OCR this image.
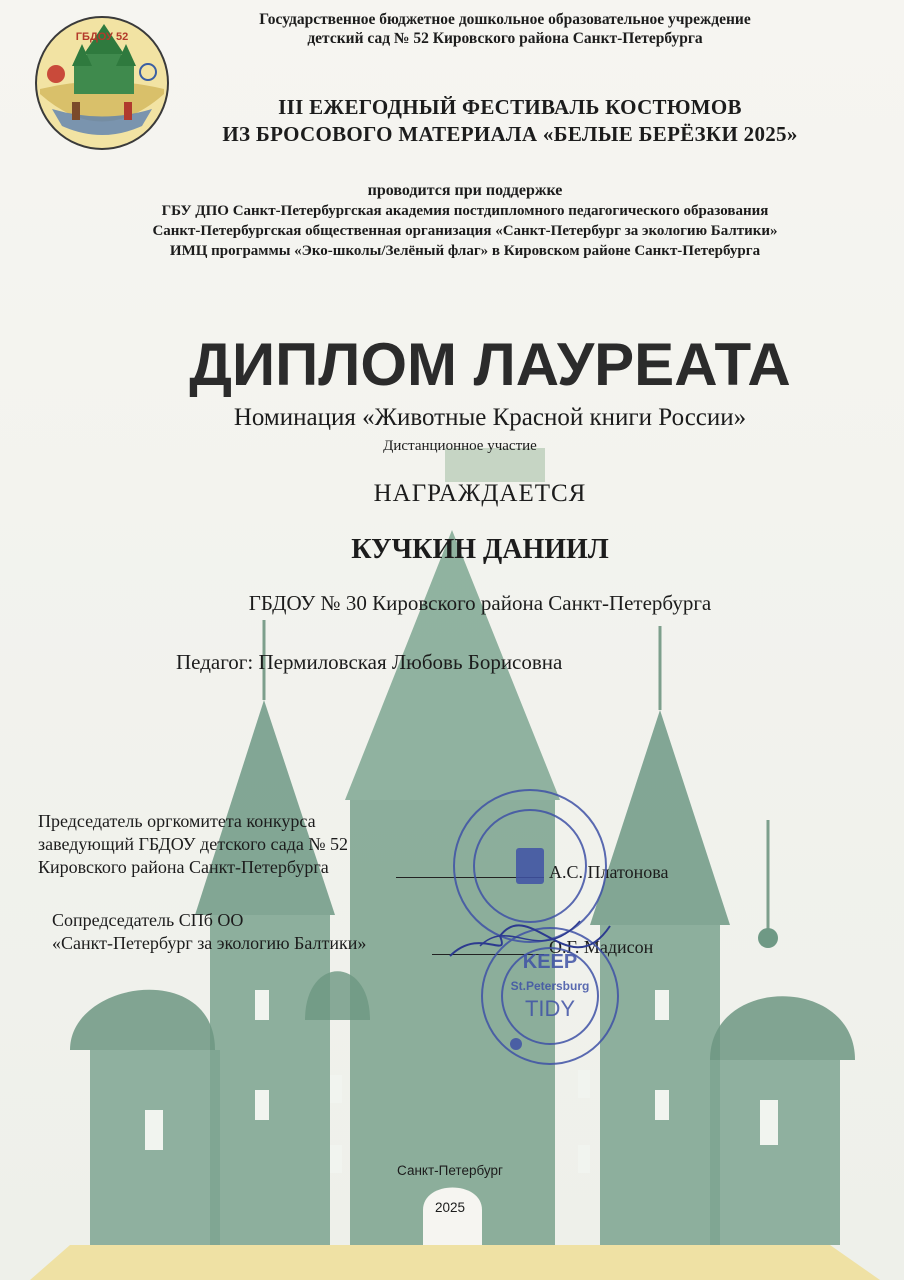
ГБДОУ 52
Государственное бюджетное дошкольное образовательное учреждение
детский сад № 52 Кировского района Санкт-Петербурга
III ЕЖЕГОДНЫЙ ФЕСТИВАЛЬ КОСТЮМОВ
ИЗ БРОСОВОГО МАТЕРИАЛА «БЕЛЫЕ БЕРЁЗКИ 2025»
проводится при поддержке
ГБУ ДПО Санкт-Петербургская академия постдипломного педагогического образования
Санкт-Петербургская общественная организация «Санкт-Петербург за экологию Балтики»
ИМЦ программы «Эко-школы/Зелёный флаг» в Кировском районе Санкт-Петербурга
ДИПЛОМ ЛАУРЕАТА
Номинация «Животные Красной книги России»
Дистанционное участие
НАГРАЖДАЕТСЯ
КУЧКИН ДАНИИЛ
ГБДОУ № 30 Кировского района Санкт-Петербурга
Педагог: Пермиловская Любовь Борисовна
Председатель оргкомитета конкурса
заведующий ГБДОУ детского сада № 52
Кировского района Санкт-Петербурга	А.С. Платонова
Сопредседатель СПб ОО
«Санкт-Петербург за экологию Балтики»	О.Г. Мадисон
KEEP
St.Petersburg
TIDY
Санкт-Петербург
2025
